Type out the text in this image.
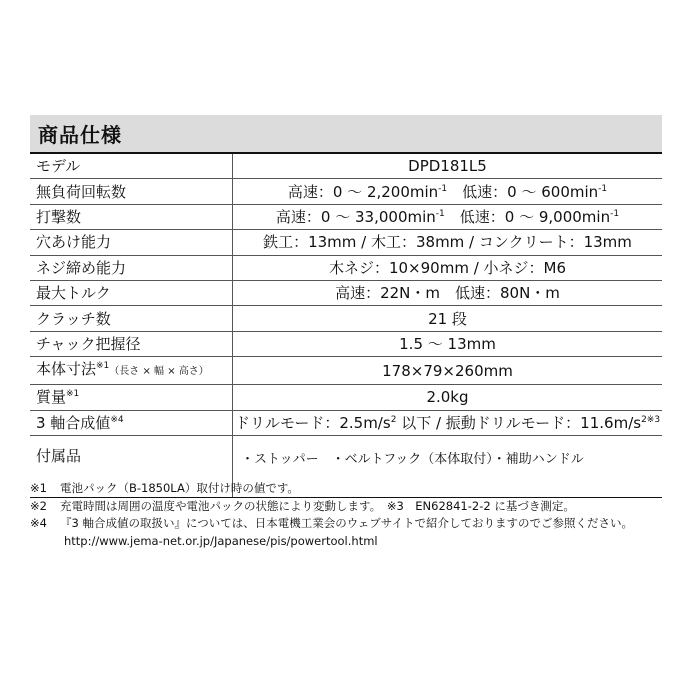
商品仕様
モデル	DPD181L5
無負荷回転数	高速：0 ～ $2,200\min^{-1}$　低速：0 ～ $600\min^{-1}$
打撃数	高速：0 ～ $33,000\min^{-1}$　低速：0 ～ $9,000\min^{-1}$
穴あけ能力	鉄工：13mm / 木工：38mm / コンクリート：13mm
ネジ締め能力	木ネジ：10×90mm / 小ネジ：M6
最大トルク	高速：22N・m　低速：80N・m
クラッチ数	21 段
チャック把握径	1.5 ～ 13mm
本体寸法$^{※1}$（長さ × 幅 × 高さ）	178×79×260mm
質量$^{※1}$	2.0kg
3 軸合成値$^{※4}$	ドリルモード：$2.5m/s^2$ 以下 / 振動ドリルモード：$11.6m/s^{2※3}$
付属品	・ストッパー　・ベルトフック（本体取付）・補助ハンドル
※1 電池パック（B-1850LA）取付け時の値です。
※2 充電時間は周囲の温度や電池パックの状態により変動します。　※3　EN62841-2-2 に基づき測定。
※4 『3 軸合成値の取扱い』については、日本電機工業会のウェブサイトで紹介しておりますのでご参照ください。
http://www.jema-net.or.jp/Japanese/pis/powertool.html
